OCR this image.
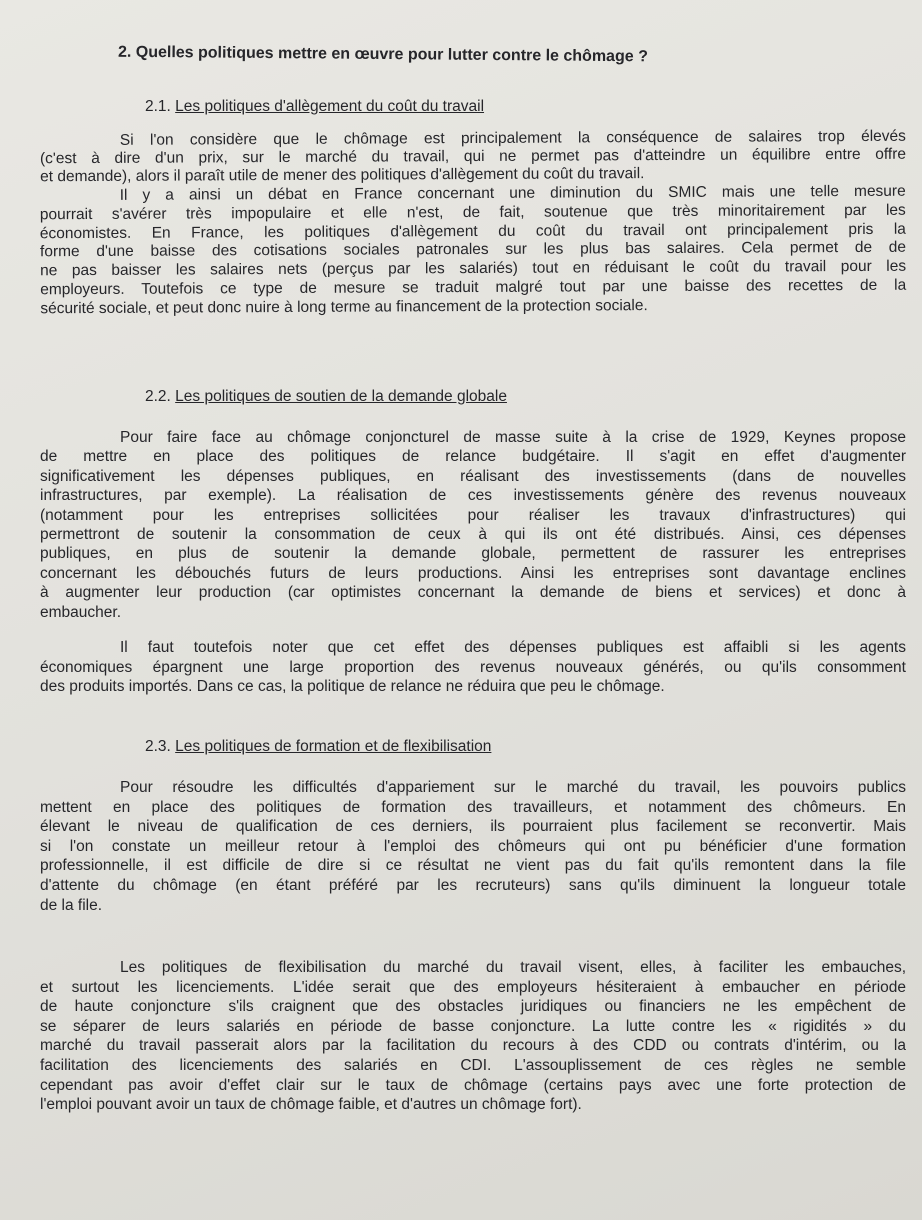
2. Quelles politiques mettre en œuvre pour lutter contre le chômage ?
2.1. Les politiques d'allègement du coût du travail
Si l'on considère que le chômage est principalement la conséquence de salaires trop élevés
(c'est à dire d'un prix, sur le marché du travail, qui ne permet pas d'atteindre un équilibre entre offre
et demande), alors il paraît utile de mener des politiques d'allègement du coût du travail.
Il y a ainsi un débat en France concernant une diminution du SMIC mais une telle mesure
pourrait s'avérer très impopulaire et elle n'est, de fait, soutenue que très minoritairement par les
économistes. En France, les politiques d'allègement du coût du travail ont principalement pris la
forme d'une baisse des cotisations sociales patronales sur les plus bas salaires. Cela permet de de
ne pas baisser les salaires nets (perçus par les salariés) tout en réduisant le coût du travail pour les
employeurs. Toutefois ce type de mesure se traduit malgré tout par une baisse des recettes de la
sécurité sociale, et peut donc nuire à long terme au financement de la protection sociale.
2.2. Les politiques de soutien de la demande globale
Pour faire face au chômage conjoncturel de masse suite à la crise de 1929, Keynes propose
de mettre en place des politiques de relance budgétaire. Il s'agit en effet d'augmenter
significativement les dépenses publiques, en réalisant des investissements (dans de nouvelles
infrastructures, par exemple). La réalisation de ces investissements génère des revenus nouveaux
(notamment pour les entreprises sollicitées pour réaliser les travaux d'infrastructures) qui
permettront de soutenir la consommation de ceux à qui ils ont été distribués. Ainsi, ces dépenses
publiques, en plus de soutenir la demande globale, permettent de rassurer les entreprises
concernant les débouchés futurs de leurs productions. Ainsi les entreprises sont davantage enclines
à augmenter leur production (car optimistes concernant la demande de biens et services) et donc à
embaucher.
Il faut toutefois noter que cet effet des dépenses publiques est affaibli si les agents
économiques épargnent une large proportion des revenus nouveaux générés, ou qu'ils consomment
des produits importés. Dans ce cas, la politique de relance ne réduira que peu le chômage.
2.3. Les politiques de formation et de flexibilisation
Pour résoudre les difficultés d'appariement sur le marché du travail, les pouvoirs publics
mettent en place des politiques de formation des travailleurs, et notamment des chômeurs. En
élevant le niveau de qualification de ces derniers, ils pourraient plus facilement se reconvertir. Mais
si l'on constate un meilleur retour à l'emploi des chômeurs qui ont pu bénéficier d'une formation
professionnelle, il est difficile de dire si ce résultat ne vient pas du fait qu'ils remontent dans la file
d'attente du chômage (en étant préféré par les recruteurs) sans qu'ils diminuent la longueur totale
de la file.
Les politiques de flexibilisation du marché du travail visent, elles, à faciliter les embauches,
et surtout les licenciements. L'idée serait que des employeurs hésiteraient à embaucher en période
de haute conjoncture s'ils craignent que des obstacles juridiques ou financiers ne les empêchent de
se séparer de leurs salariés en période de basse conjoncture. La lutte contre les « rigidités » du
marché du travail passerait alors par la facilitation du recours à des CDD ou contrats d'intérim, ou la
facilitation des licenciements des salariés en CDI. L'assouplissement de ces règles ne semble
cependant pas avoir d'effet clair sur le taux de chômage (certains pays avec une forte protection de
l'emploi pouvant avoir un taux de chômage faible, et d'autres un chômage fort).
